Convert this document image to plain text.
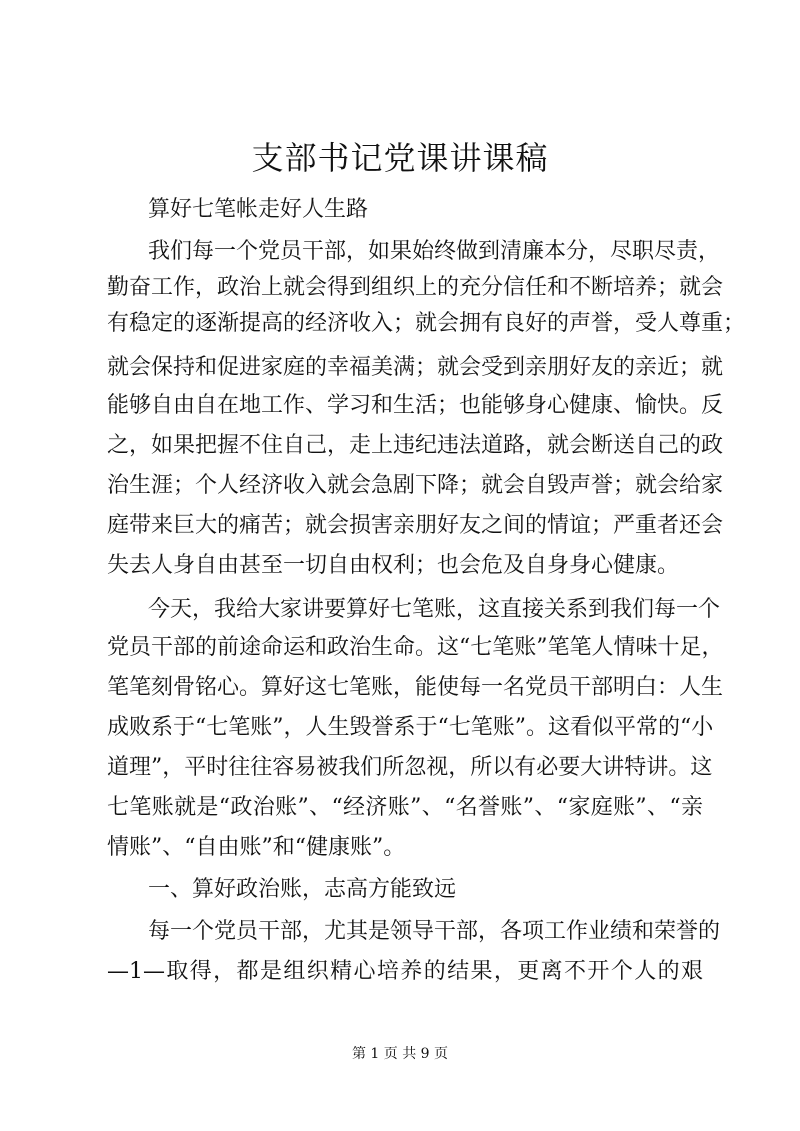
支部书记党课讲课稿
算好七笔帐走好人生路
我们每一个党员干部，如果始终做到清廉本分，尽职尽责，
勤奋工作，政治上就会得到组织上的充分信任和不断培养；就会
有稳定的逐渐提高的经济收入；就会拥有良好的声誉，受人尊重；
就会保持和促进家庭的幸福美满；就会受到亲朋好友的亲近；就
能够自由自在地工作、学习和生活；也能够身心健康、愉快。反
之，如果把握不住自己，走上违纪违法道路，就会断送自己的政
治生涯；个人经济收入就会急剧下降；就会自毁声誉；就会给家
庭带来巨大的痛苦；就会损害亲朋好友之间的情谊；严重者还会
失去人身自由甚至一切自由权利；也会危及自身身心健康。
今天，我给大家讲要算好七笔账，这直接关系到我们每一个
党员干部的前途命运和政治生命。这“七笔账”笔笔人情味十足，
笔笔刻骨铭心。算好这七笔账，能使每一名党员干部明白：人生
成败系于“七笔账”，人生毁誉系于“七笔账”。这看似平常的“小
道理”，平时往往容易被我们所忽视，所以有必要大讲特讲。这
七笔账就是“政治账”、“经济账”、“名誉账”、“家庭账”、“亲
情账”、“自由账”和“健康账”。
一、算好政治账，志高方能致远
每一个党员干部，尤其是领导干部，各项工作业绩和荣誉的
—1—取得，都是组织精心培养的结果，更离不开个人的艰
第 1 页 共 9 页
